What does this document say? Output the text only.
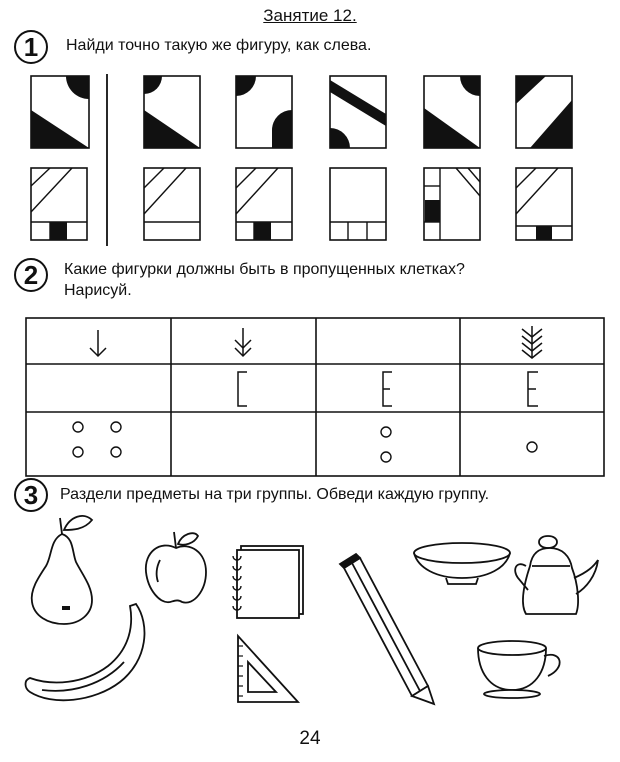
Занятие 12.
1	Найди точно такую же фигуру, как слева.
2	Какие фигурки должны быть в пропущенных клетках?
Нарисуй.
3	Раздели предметы на три группы. Обведи каждую группу.
24
